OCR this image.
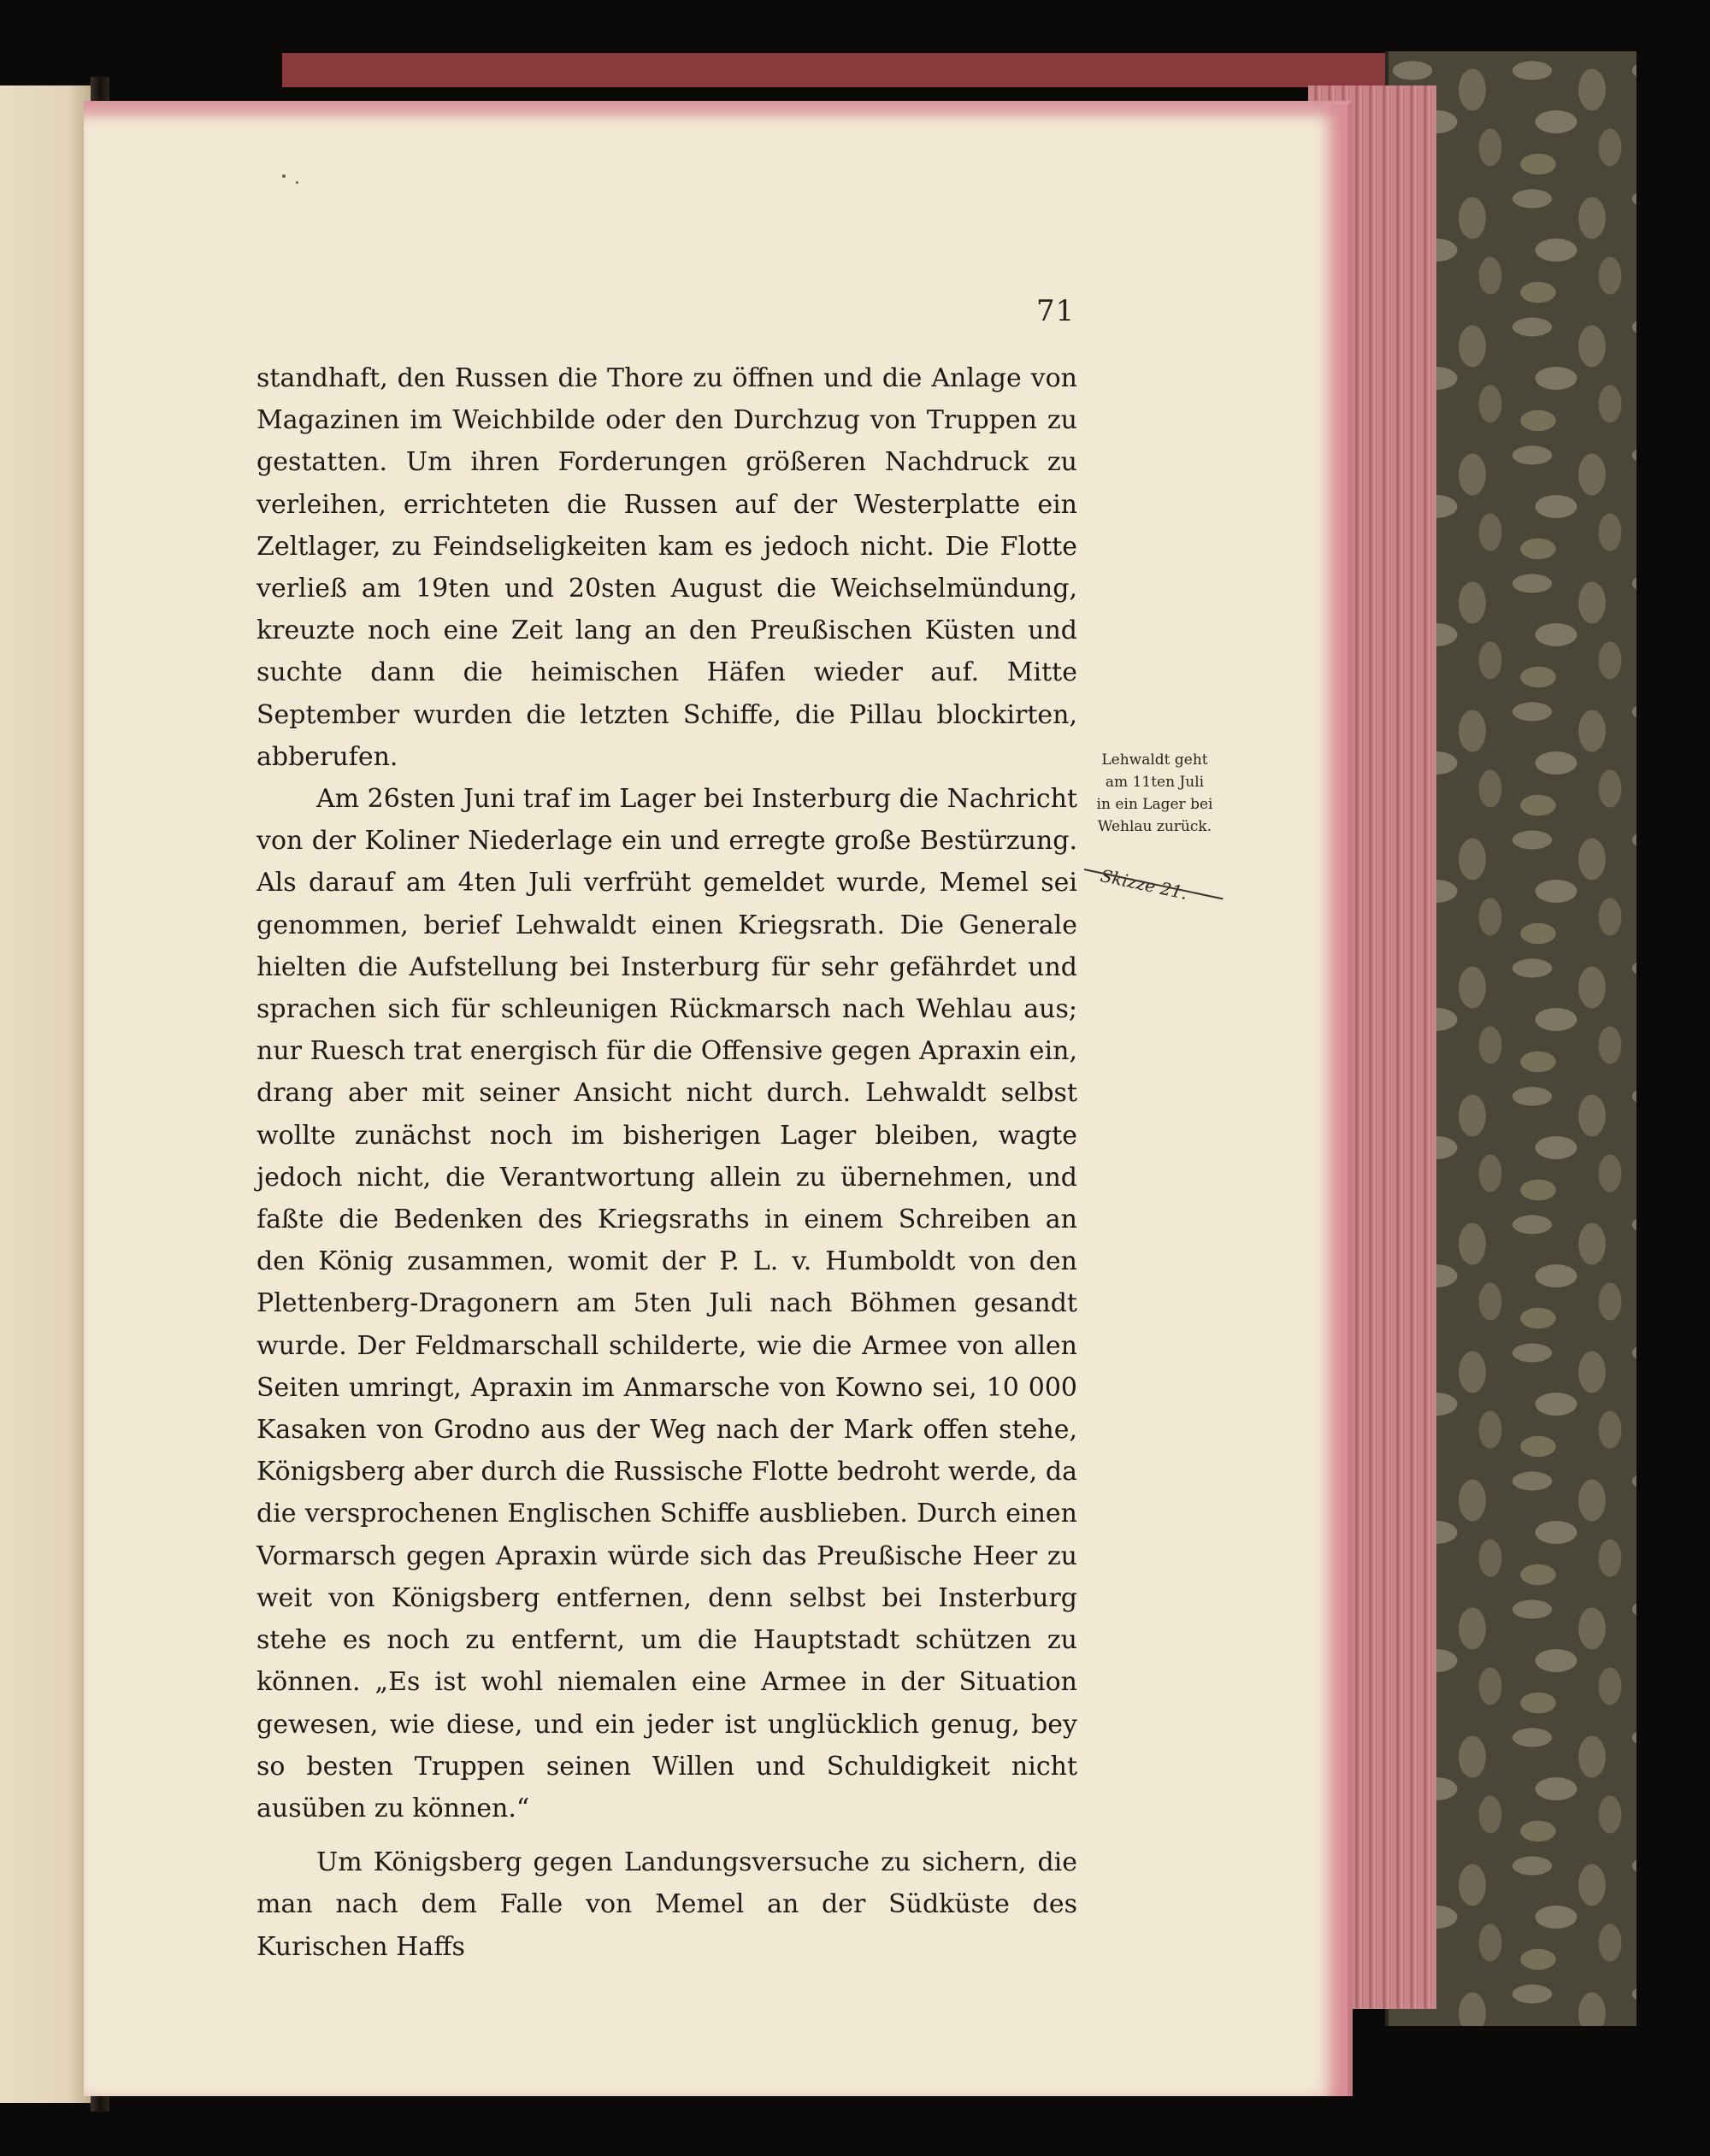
71

standhaft, den Russen die Thore zu öffnen und die Anlage von Magazinen im Weichbilde oder den Durchzug von Truppen zu gestatten. Um ihren Forderungen größeren Nachdruck zu verleihen, errichteten die Russen auf der Westerplatte ein Zeltlager, zu Feindseligkeiten kam es jedoch nicht. Die Flotte verließ am 19ten und 20sten August die Weichselmündung, kreuzte noch eine Zeit lang an den Preußischen Küsten und suchte dann die heimischen Häfen wieder auf. Mitte September wurden die letzten Schiffe, die Pillau blockirten, abberufen.

Am 26sten Juni traf im Lager bei Insterburg die Nachricht von der Koliner Niederlage ein und erregte große Bestürzung. Als darauf am 4ten Juli verfrüht gemeldet wurde, Memel sei genommen, berief Lehwaldt einen Kriegsrath. Die Generale hielten die Aufstellung bei Insterburg für sehr gefährdet und sprachen sich für schleunigen Rückmarsch nach Wehlau aus; nur Ruesch trat energisch für die Offensive gegen Apraxin ein, drang aber mit seiner Ansicht nicht durch. Lehwaldt selbst wollte zunächst noch im bisherigen Lager bleiben, wagte jedoch nicht, die Verantwortung allein zu übernehmen, und faßte die Bedenken des Kriegsraths in einem Schreiben an den König zusammen, womit der P. L. v. Humboldt von den Plettenberg-Dragonern am 5ten Juli nach Böhmen gesandt wurde. Der Feldmarschall schilderte, wie die Armee von allen Seiten umringt, Apraxin im Anmarsche von Kowno sei, 10 000 Kasaken von Grodno aus der Weg nach der Mark offen stehe, Königsberg aber durch die Russische Flotte bedroht werde, da die versprochenen Englischen Schiffe ausblieben. Durch einen Vormarsch gegen Apraxin würde sich das Preußische Heer zu weit von Königsberg entfernen, denn selbst bei Insterburg stehe es noch zu entfernt, um die Hauptstadt schützen zu können. „Es ist wohl niemalen eine Armee in der Situation gewesen, wie diese, und ein jeder ist unglücklich genug, bey so besten Truppen seinen Willen und Schuldigkeit nicht ausüben zu können.“

Um Königsberg gegen Landungsversuche zu sichern, die man nach dem Falle von Memel an der Südküste des Kurischen Haffs

Lehwaldt geht
am 11ten Juli
in ein Lager bei
Wehlau zurück.
Skizze 21.
